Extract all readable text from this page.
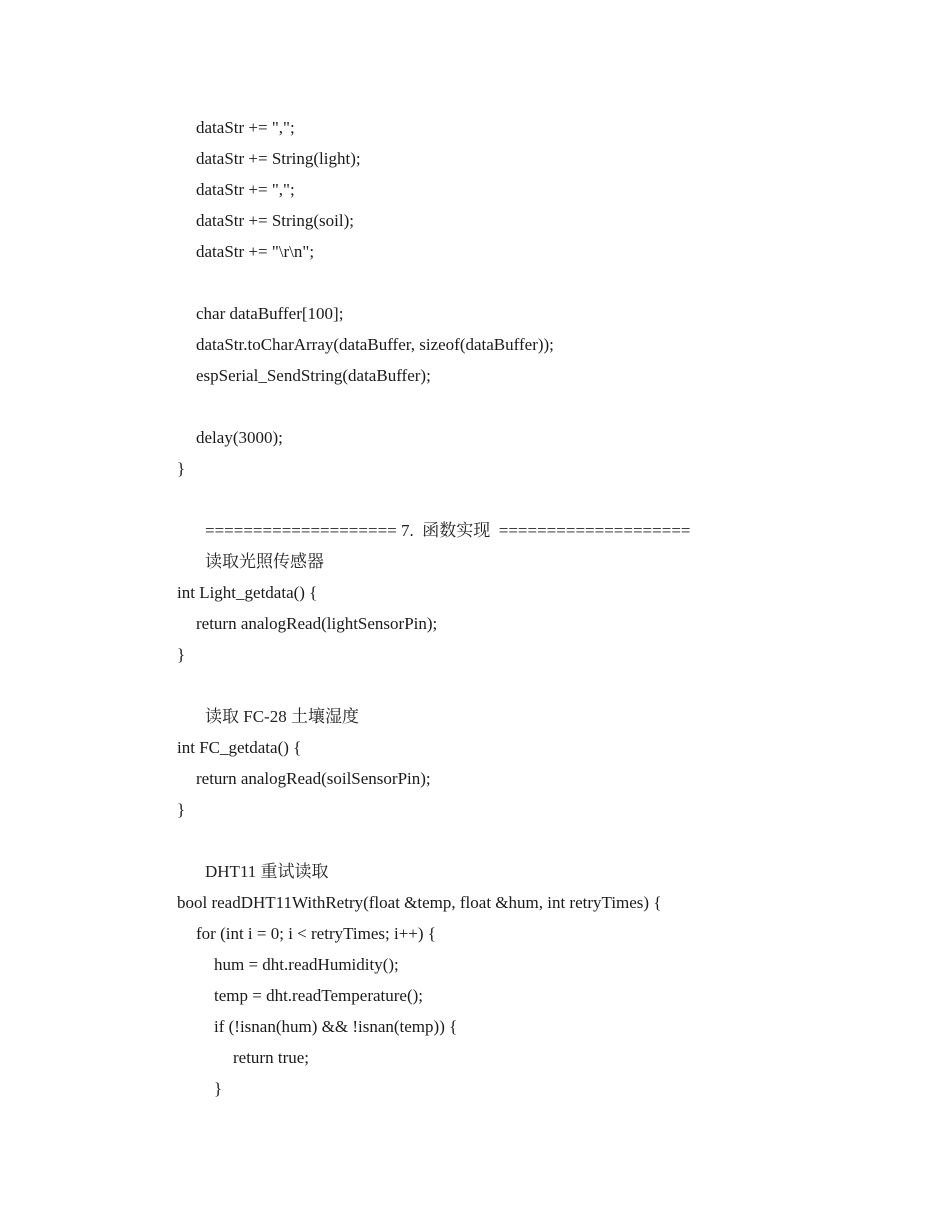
dataStr += ",";
dataStr += String(light);
dataStr += ",";
dataStr += String(soil);
dataStr += "\r\n";
char dataBuffer[100];
dataStr.toCharArray(dataBuffer, sizeof(dataBuffer));
espSerial_SendString(dataBuffer);
delay(3000);
}
==================== 7.  函数实现  ====================
读取光照传感器
int Light_getdata() {
return analogRead(lightSensorPin);
}
读取 FC-28 土壤湿度
int FC_getdata() {
return analogRead(soilSensorPin);
}
DHT11 重试读取
bool readDHT11WithRetry(float &temp, float &hum, int retryTimes) {
for (int i = 0; i < retryTimes; i++) {
hum = dht.readHumidity();
temp = dht.readTemperature();
if (!isnan(hum) && !isnan(temp)) {
return true;
}
